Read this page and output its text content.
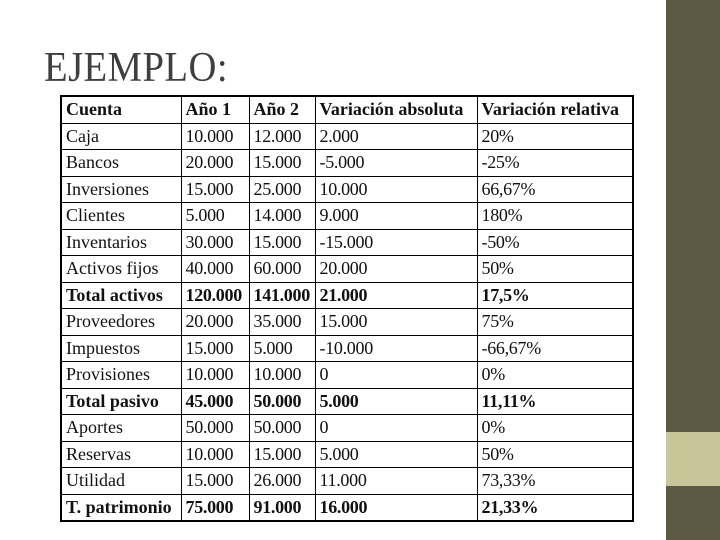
EJEMPLO:
Cuenta	Año 1	Año 2	Variación absoluta	Variación relativa
Caja	10.000	12.000	2.000	20%
Bancos	20.000	15.000	-5.000	-25%
Inversiones	15.000	25.000	10.000	66,67%
Clientes	5.000	14.000	9.000	180%
Inventarios	30.000	15.000	-15.000	-50%
Activos fijos	40.000	60.000	20.000	50%
Total activos	120.000	141.000	21.000	17,5%
Proveedores	20.000	35.000	15.000	75%
Impuestos	15.000	5.000	-10.000	-66,67%
Provisiones	10.000	10.000	0	0%
Total pasivo	45.000	50.000	5.000	11,11%
Aportes	50.000	50.000	0	0%
Reservas	10.000	15.000	5.000	50%
Utilidad	15.000	26.000	11.000	73,33%
T. patrimonio	75.000	91.000	16.000	21,33%
